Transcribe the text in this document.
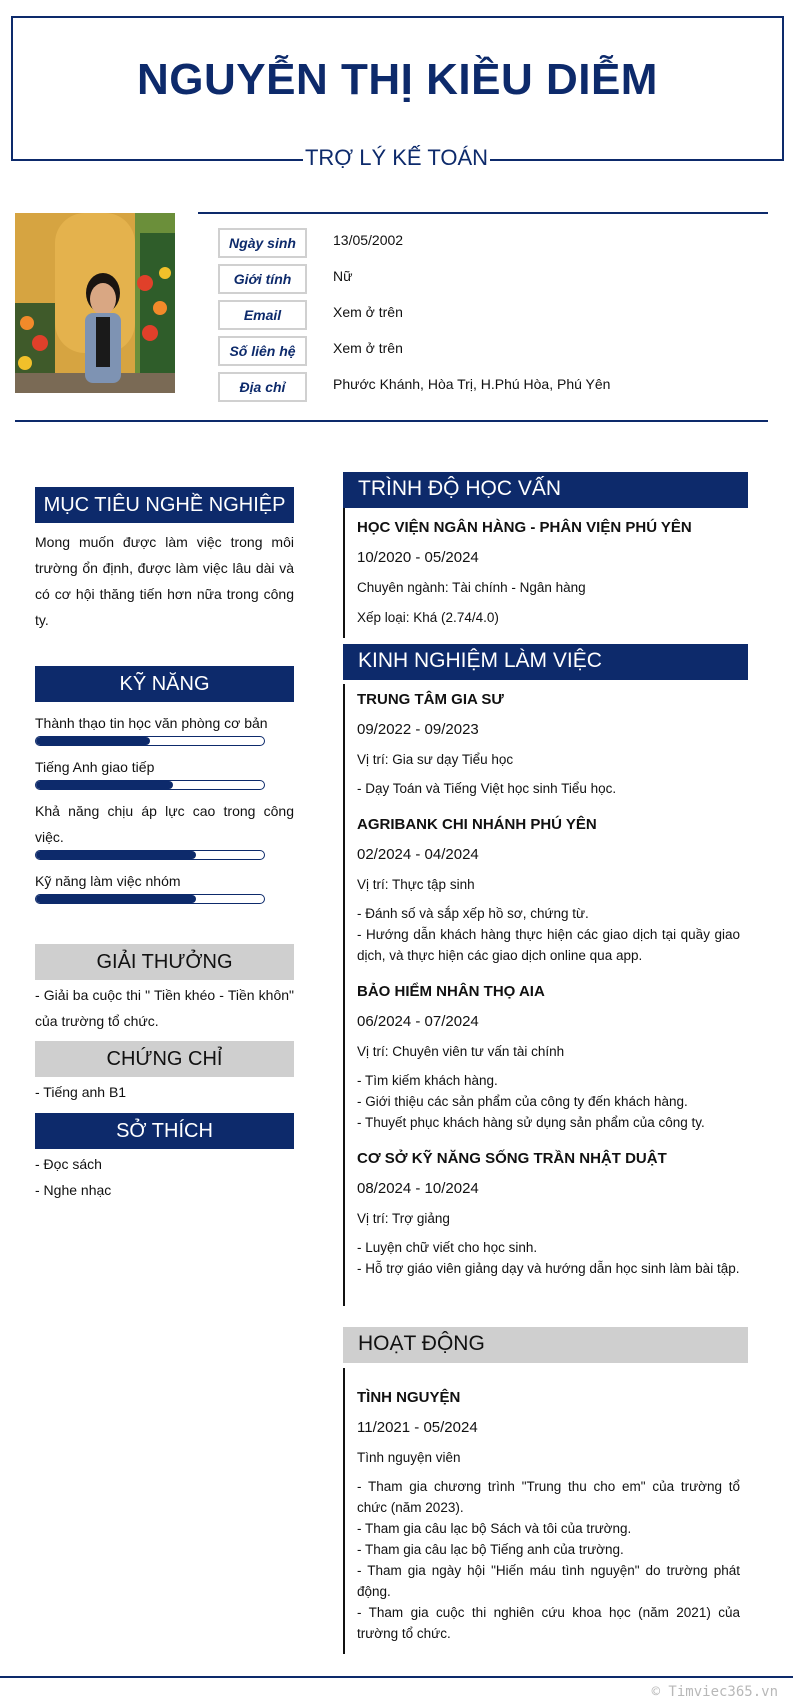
NGUYỄN THỊ KIỀU DIỄM
TRỢ LÝ KẾ TOÁN
Ngày sinh	13/05/2002
Giới tính	Nữ
Email	Xem ở trên
Số liên hệ	Xem ở trên
Địa chỉ	Phước Khánh, Hòa Trị, H.Phú Hòa, Phú Yên
MỤC TIÊU NGHỀ NGHIỆP
Mong muốn được làm việc trong môi trường ổn định, được làm việc lâu dài và có cơ hội thăng tiến hơn nữa trong công ty.
KỸ NĂNG
Thành thạo tin học văn phòng cơ bản
Tiếng Anh giao tiếp
Khả năng chịu áp lực cao trong công việc.
Kỹ năng làm việc nhóm
GIẢI THƯỞNG
- Giải ba cuộc thi " Tiền khéo - Tiền khôn" của trường tổ chức.
CHỨNG CHỈ
- Tiếng anh B1
SỞ THÍCH
- Đọc sách
- Nghe nhạc
TRÌNH ĐỘ HỌC VẤN
HỌC VIỆN NGÂN HÀNG - PHÂN VIỆN PHÚ YÊN
10/2020 - 05/2024
Chuyên ngành: Tài chính - Ngân hàng
Xếp loại: Khá (2.74/4.0)
KINH NGHIỆM LÀM VIỆC
TRUNG TÂM GIA SƯ
09/2022 - 09/2023
Vị trí: Gia sư dạy Tiểu học
- Dạy Toán và Tiếng Việt học sinh Tiểu học.
AGRIBANK CHI NHÁNH PHÚ YÊN
02/2024 - 04/2024
Vị trí: Thực tập sinh
- Đánh số và sắp xếp hồ sơ, chứng từ.
- Hướng dẫn khách hàng thực hiện các giao dịch tại quầy giao dịch, và thực hiện các giao dịch online qua app.
BẢO HIỂM NHÂN THỌ AIA
06/2024 - 07/2024
Vị trí: Chuyên viên tư vấn tài chính
- Tìm kiếm khách hàng.
- Giới thiệu các sản phẩm của công ty đến khách hàng.
- Thuyết phục khách hàng sử dụng sản phẩm của công ty.
CƠ SỞ KỸ NĂNG SỐNG TRẦN NHẬT DUẬT
08/2024 - 10/2024
Vị trí: Trợ giảng
- Luyện chữ viết cho học sinh.
- Hỗ trợ giáo viên giảng dạy và hướng dẫn học sinh làm bài tập.
HOẠT ĐỘNG
TÌNH NGUYỆN
11/2021 - 05/2024
Tình nguyện viên
- Tham gia chương trình "Trung thu cho em" của trường tổ chức (năm 2023).
- Tham gia câu lạc bộ Sách và tôi của trường.
- Tham gia câu lạc bộ Tiếng anh của trường.
- Tham gia ngày hội "Hiến máu tình nguyện" do trường phát động.
- Tham gia cuộc thi nghiên cứu khoa học (năm 2021) của trường tổ chức.
© Timviec365.vn
